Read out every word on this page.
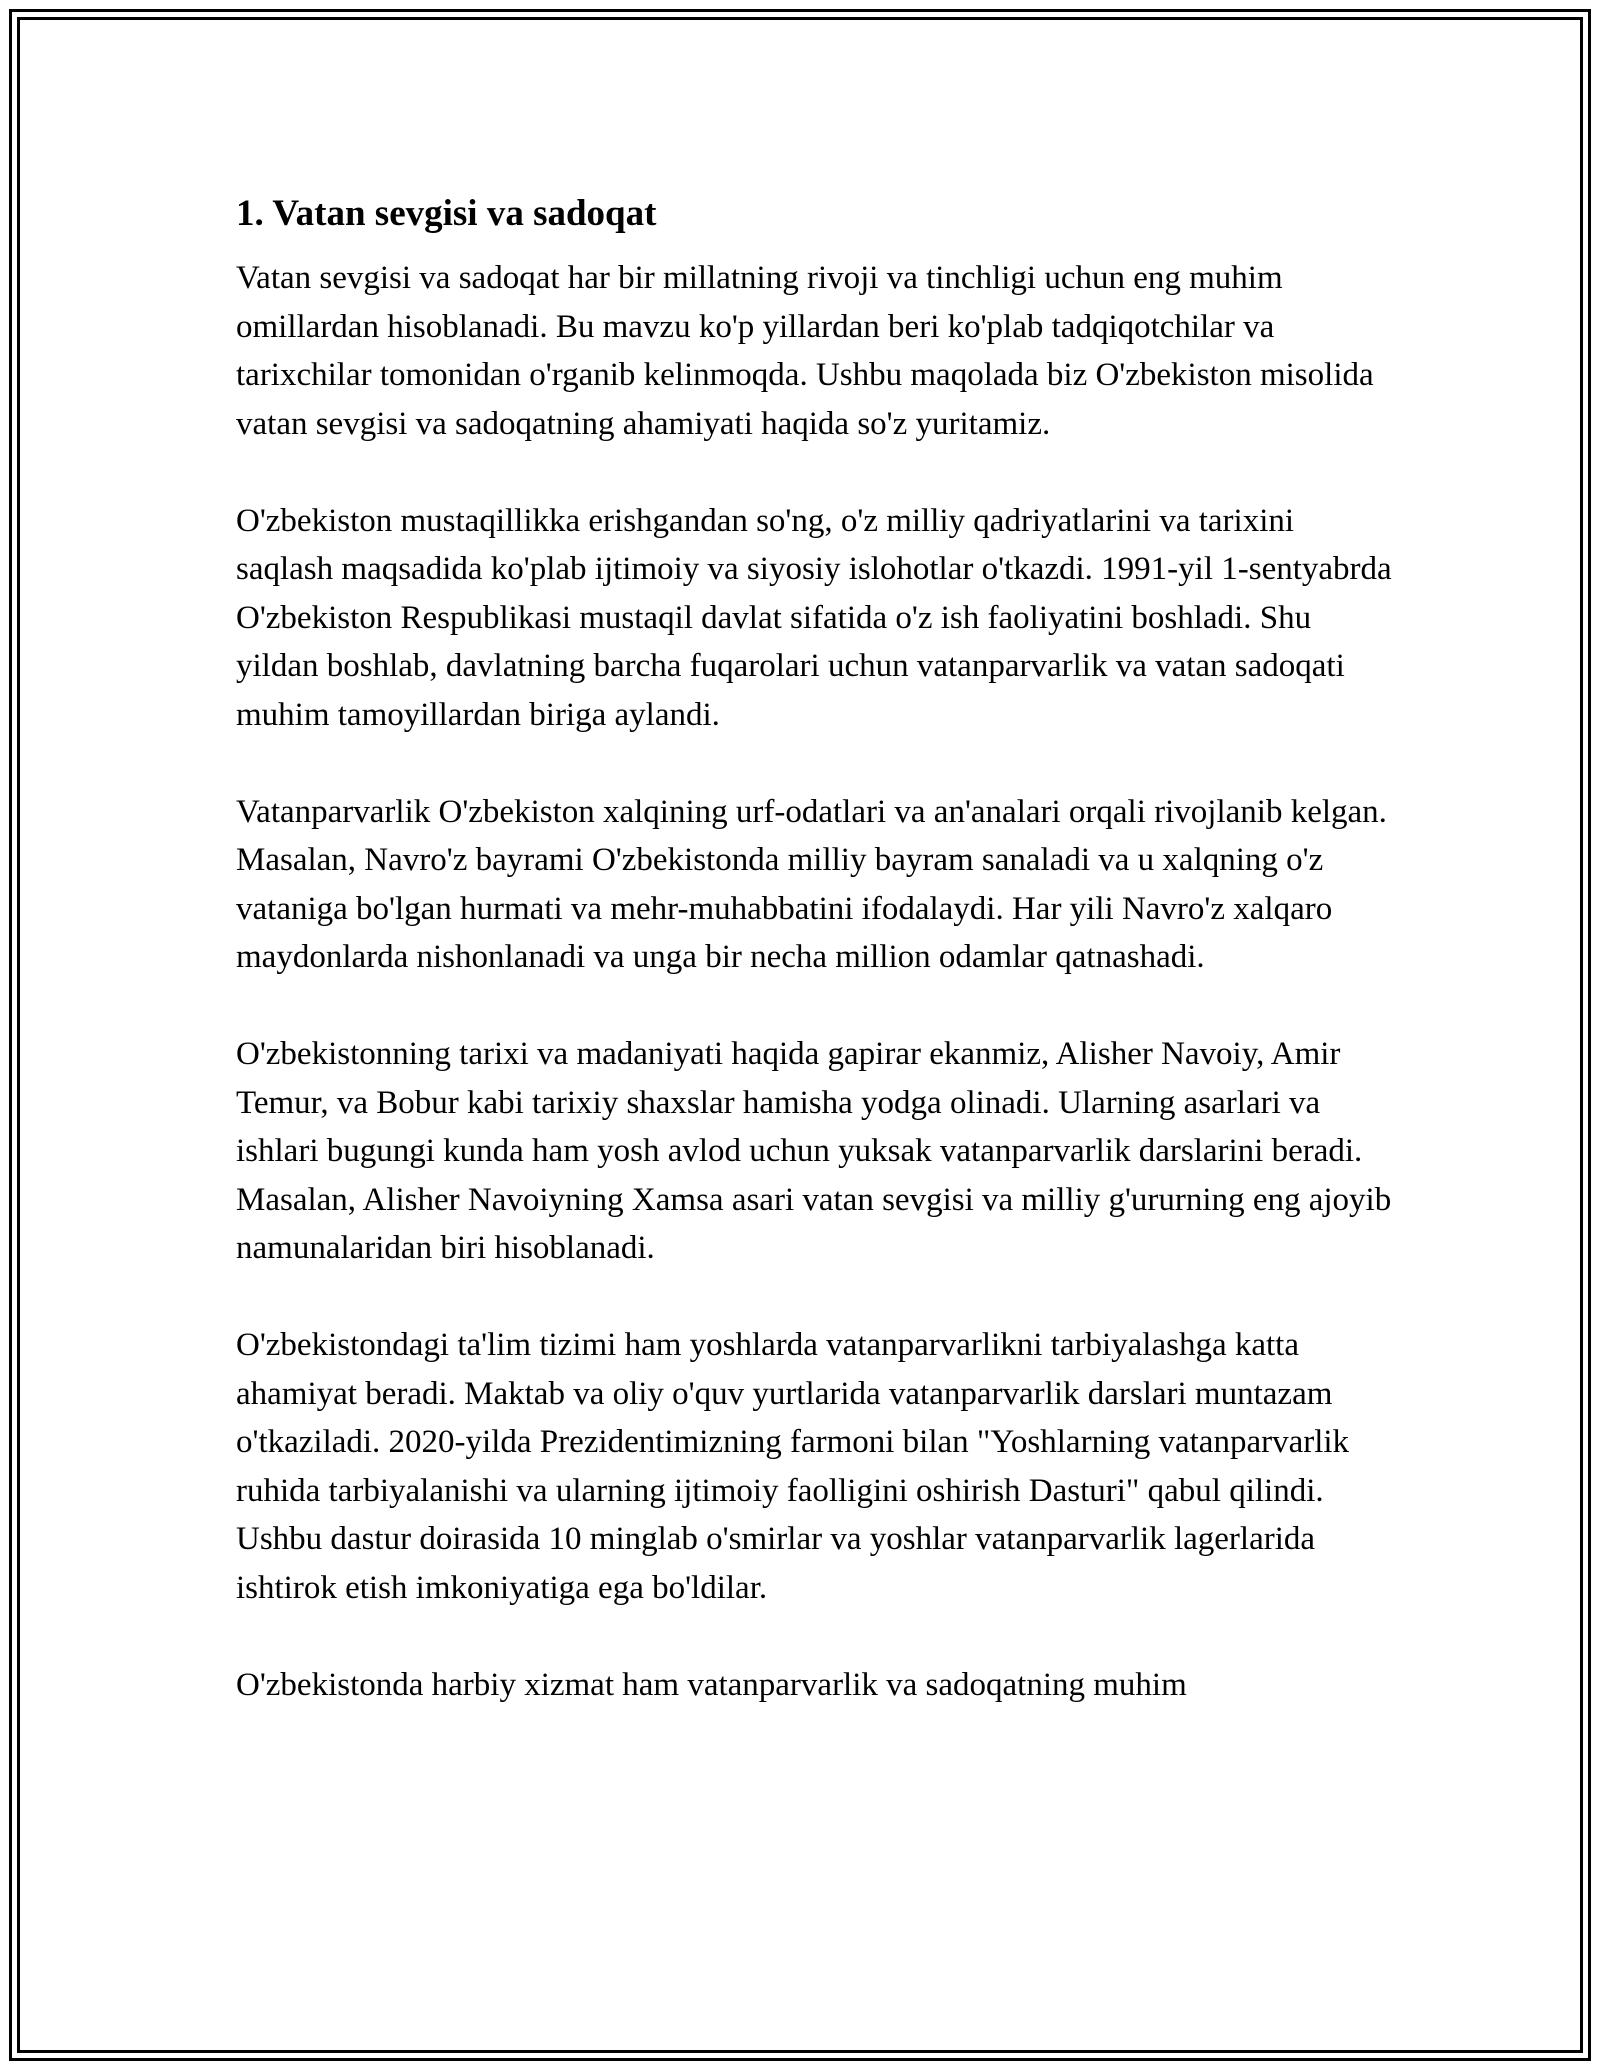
1. Vatan sevgisi va sadoqat

Vatan sevgisi va sadoqat har bir millatning rivoji va tinchligi uchun eng muhim omillardan hisoblanadi. Bu mavzu ko'p yillardan beri ko'plab tadqiqotchilar va tarixchilar tomonidan o'rganib kelinmoqda. Ushbu maqolada biz O'zbekiston misolida vatan sevgisi va sadoqatning ahamiyati haqida so'z yuritamiz.

O'zbekiston mustaqillikka erishgandan so'ng, o'z milliy qadriyatlarini va tarixini saqlash maqsadida ko'plab ijtimoiy va siyosiy islohotlar o'tkazdi. 1991-yil 1-sentyabrda O'zbekiston Respublikasi mustaqil davlat sifatida o'z ish faoliyatini boshladi. Shu yildan boshlab, davlatning barcha fuqarolari uchun vatanparvarlik va vatan sadoqati muhim tamoyillardan biriga aylandi.

Vatanparvarlik O'zbekiston xalqining urf-odatlari va an'analari orqali rivojlanib kelgan. Masalan, Navro'z bayrami O'zbekistonda milliy bayram sanaladi va u xalqning o'z vataniga bo'lgan hurmati va mehr-muhabbatini ifodalaydi. Har yili Navro'z xalqaro maydonlarda nishonlanadi va unga bir necha million odamlar qatnashadi.

O'zbekistonning tarixi va madaniyati haqida gapirar ekanmiz, Alisher Navoiy, Amir Temur, va Bobur kabi tarixiy shaxslar hamisha yodga olinadi. Ularning asarlari va ishlari bugungi kunda ham yosh avlod uchun yuksak vatanparvarlik darslarini beradi. Masalan, Alisher Navoiyning Xamsa asari vatan sevgisi va milliy g'ururning eng ajoyib namunalaridan biri hisoblanadi.

O'zbekistondagi ta'lim tizimi ham yoshlarda vatanparvarlikni tarbiyalashga katta ahamiyat beradi. Maktab va oliy o'quv yurtlarida vatanparvarlik darslari muntazam o'tkaziladi. 2020-yilda Prezidentimizning farmoni bilan "Yoshlarning vatanparvarlik ruhida tarbiyalanishi va ularning ijtimoiy faolligini oshirish Dasturi" qabul qilindi. Ushbu dastur doirasida 10 minglab o'smirlar va yoshlar vatanparvarlik lagerlarida ishtirok etish imkoniyatiga ega bo'ldilar.

O'zbekistonda harbiy xizmat ham vatanparvarlik va sadoqatning muhim
